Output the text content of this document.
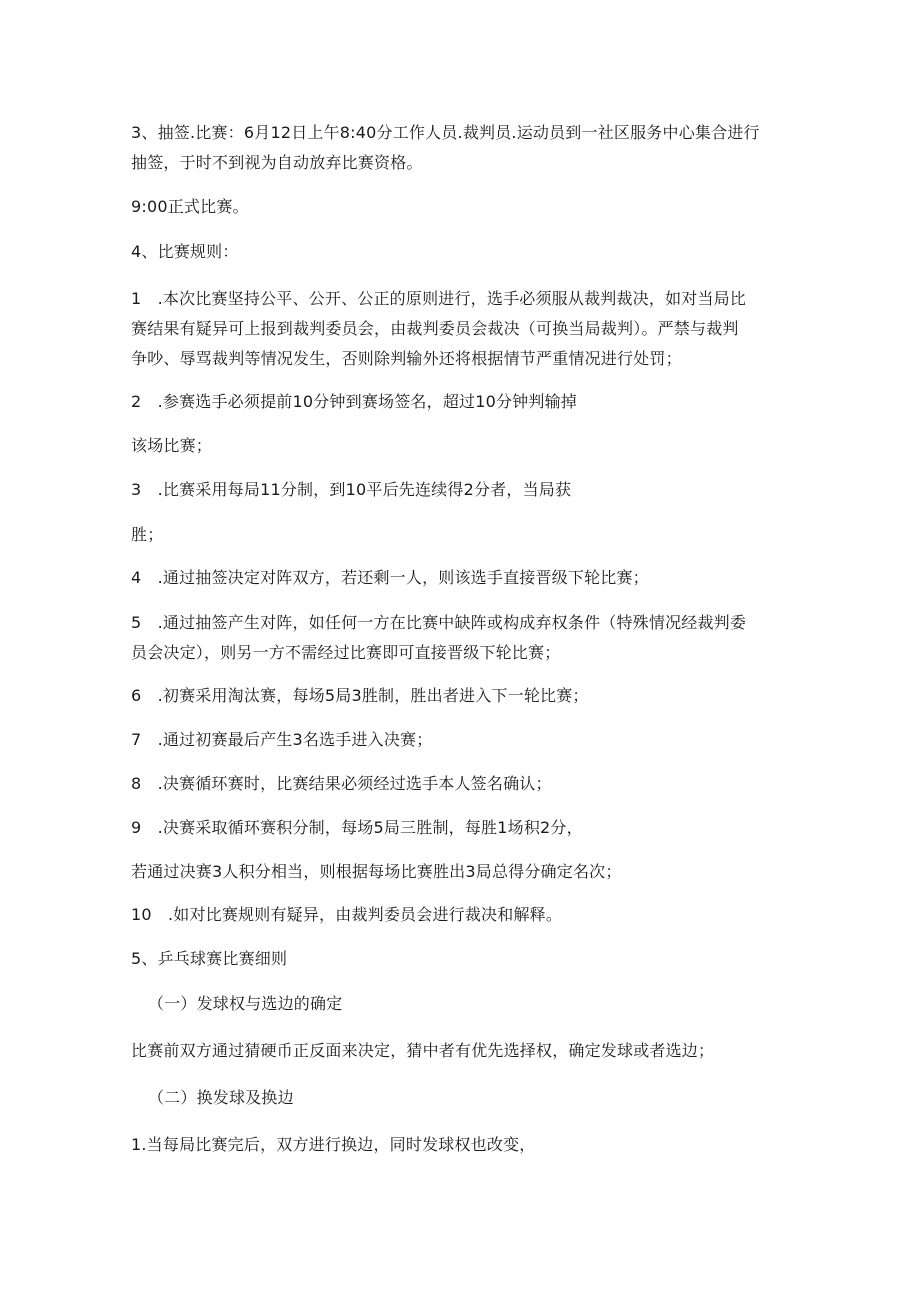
3、抽签.比赛：6月12日上午8:40分工作人员.裁判员.运动员到一社区服务中心集合进行
抽签，于时不到视为自动放弃比赛资格。
9:00正式比赛。
4、比赛规则：
1　.本次比赛坚持公平、公开、公正的原则进行，选手必须服从裁判裁决，如对当局比
赛结果有疑异可上报到裁判委员会，由裁判委员会裁决（可换当局裁判）。严禁与裁判
争吵、辱骂裁判等情况发生，否则除判输外还将根据情节严重情况进行处罚；
2　.参赛选手必须提前10分钟到赛场签名，超过10分钟判输掉
该场比赛；
3　.比赛采用每局11分制，到10平后先连续得2分者，当局获
胜；
4　.通过抽签决定对阵双方，若还剩一人，则该选手直接晋级下轮比赛；
5　.通过抽签产生对阵，如任何一方在比赛中缺阵或构成弃权条件（特殊情况经裁判委
员会决定），则另一方不需经过比赛即可直接晋级下轮比赛；
6　.初赛采用淘汰赛，每场5局3胜制，胜出者进入下一轮比赛；
7　.通过初赛最后产生3名选手进入决赛；
8　.决赛循环赛时，比赛结果必须经过选手本人签名确认；
9　.决赛采取循环赛积分制，每场5局三胜制，每胜1场积2分，
若通过决赛3人积分相当，则根据每场比赛胜出3局总得分确定名次；
10　.如对比赛规则有疑异，由裁判委员会进行裁决和解释。
5、乒乓球赛比赛细则
（一）发球权与选边的确定
比赛前双方通过猜硬币正反面来决定，猜中者有优先选择权，确定发球或者选边；
（二）换发球及换边
1.当每局比赛完后，双方进行换边，同时发球权也改变，
